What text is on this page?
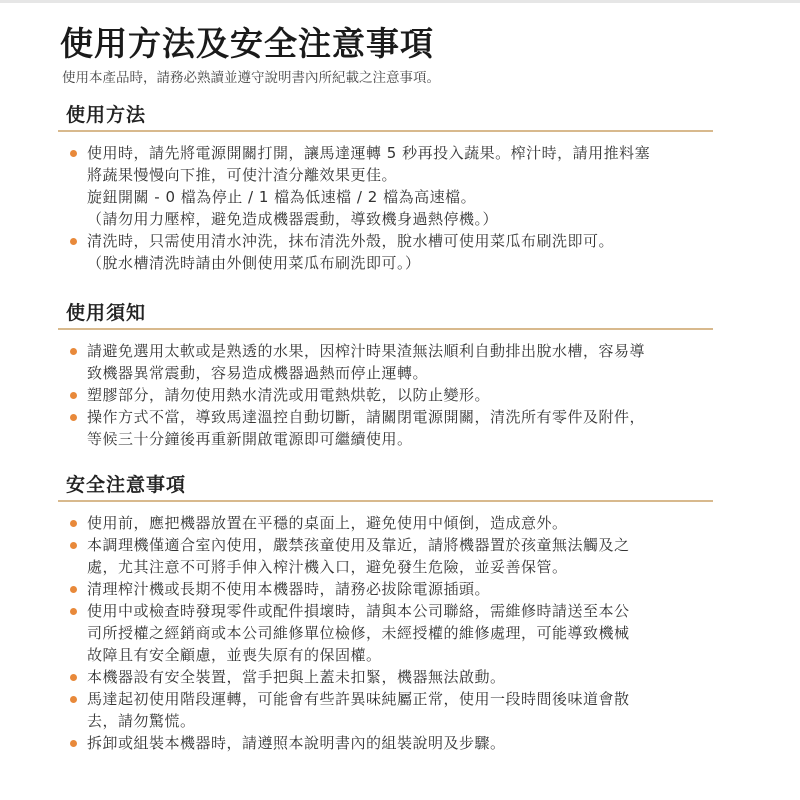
使用方法及安全注意事項
使用本產品時，請務必熟讀並遵守說明書內所紀載之注意事項。
使用方法
使用時，請先將電源開關打開，讓馬達運轉 5 秒再投入蔬果。榨汁時，請用推料塞
將蔬果慢慢向下推，可使汁渣分離效果更佳。
旋鈕開關 - 0 檔為停止 / 1 檔為低速檔 / 2 檔為高速檔。
（請勿用力壓榨，避免造成機器震動，導致機身過熱停機。）
清洗時，只需使用清水沖洗，抹布清洗外殼，脫水槽可使用菜瓜布刷洗即可。
（脫水槽清洗時請由外側使用菜瓜布刷洗即可。）
使用須知
請避免選用太軟或是熟透的水果，因榨汁時果渣無法順利自動排出脫水槽，容易導
致機器異常震動，容易造成機器過熱而停止運轉。
塑膠部分，請勿使用熱水清洗或用電熱烘乾，以防止變形。
操作方式不當，導致馬達溫控自動切斷，請關閉電源開關，清洗所有零件及附件，
等候三十分鐘後再重新開啟電源即可繼續使用。
安全注意事項
使用前，應把機器放置在平穩的桌面上，避免使用中傾倒，造成意外。
本調理機僅適合室內使用，嚴禁孩童使用及靠近，請將機器置於孩童無法觸及之
處，尤其注意不可將手伸入榨汁機入口，避免發生危險，並妥善保管。
清理榨汁機或長期不使用本機器時，請務必拔除電源插頭。
使用中或檢查時發現零件或配件損壞時，請與本公司聯絡，需維修時請送至本公
司所授權之經銷商或本公司維修單位檢修，未經授權的維修處理，可能導致機械
故障且有安全顧慮，並喪失原有的保固權。
本機器設有安全裝置，當手把與上蓋未扣緊，機器無法啟動。
馬達起初使用階段運轉，可能會有些許異味純屬正常，使用一段時間後味道會散
去，請勿驚慌。
拆卸或組裝本機器時，請遵照本說明書內的組裝說明及步驟。
